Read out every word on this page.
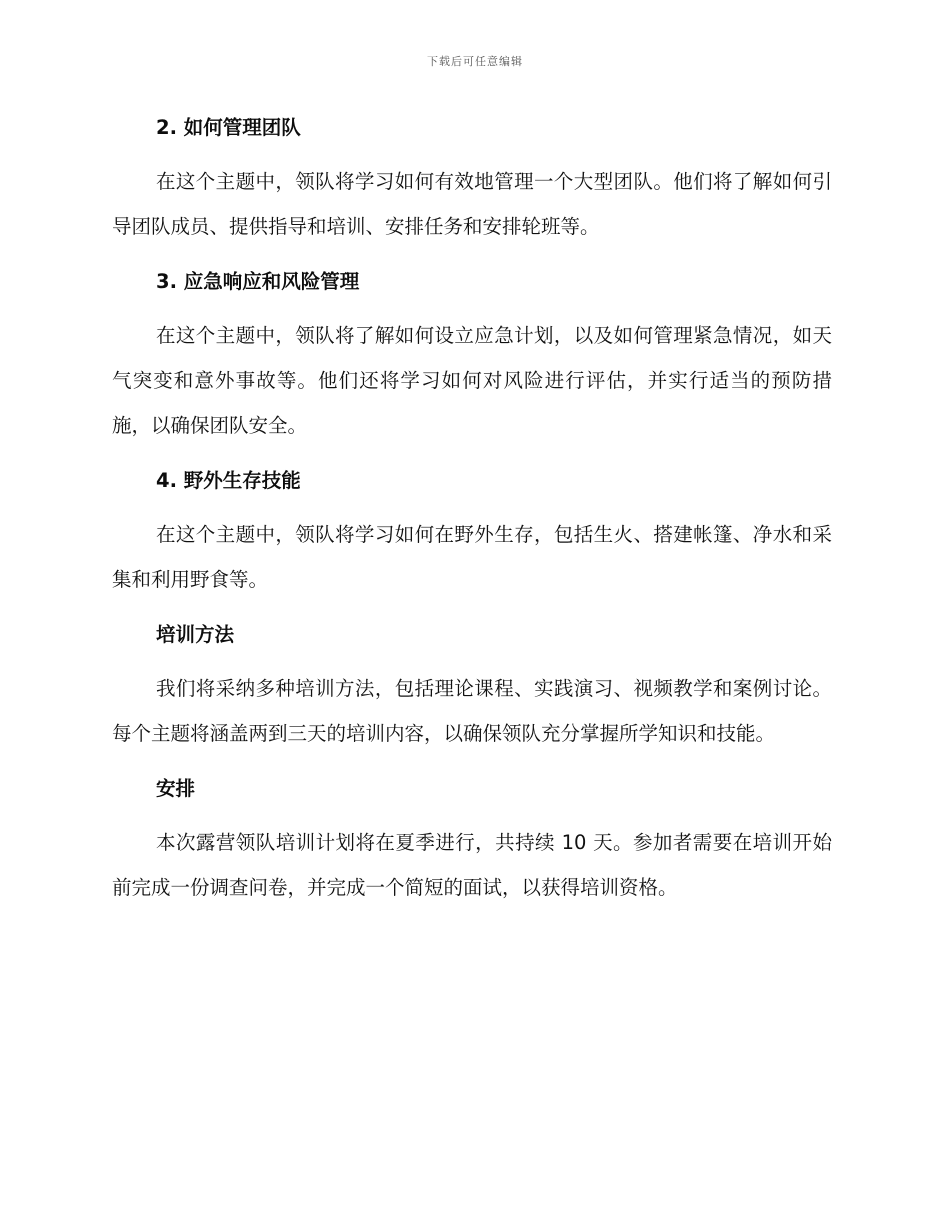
下载后可任意编辑
2. 如何管理团队

在这个主题中，领队将学习如何有效地管理一个大型团队。他们将了解如何引导团队成员、提供指导和培训、安排任务和安排轮班等。

3. 应急响应和风险管理

在这个主题中，领队将了解如何设立应急计划，以及如何管理紧急情况，如天气突变和意外事故等。他们还将学习如何对风险进行评估，并实行适当的预防措施，以确保团队安全。

4. 野外生存技能

在这个主题中，领队将学习如何在野外生存，包括生火、搭建帐篷、净水和采集和利用野食等。

培训方法

我们将采纳多种培训方法，包括理论课程、实践演习、视频教学和案例讨论。每个主题将涵盖两到三天的培训内容，以确保领队充分掌握所学知识和技能。

安排

本次露营领队培训计划将在夏季进行，共持续 10 天。参加者需要在培训开始前完成一份调查问卷，并完成一个简短的面试，以获得培训资格。
